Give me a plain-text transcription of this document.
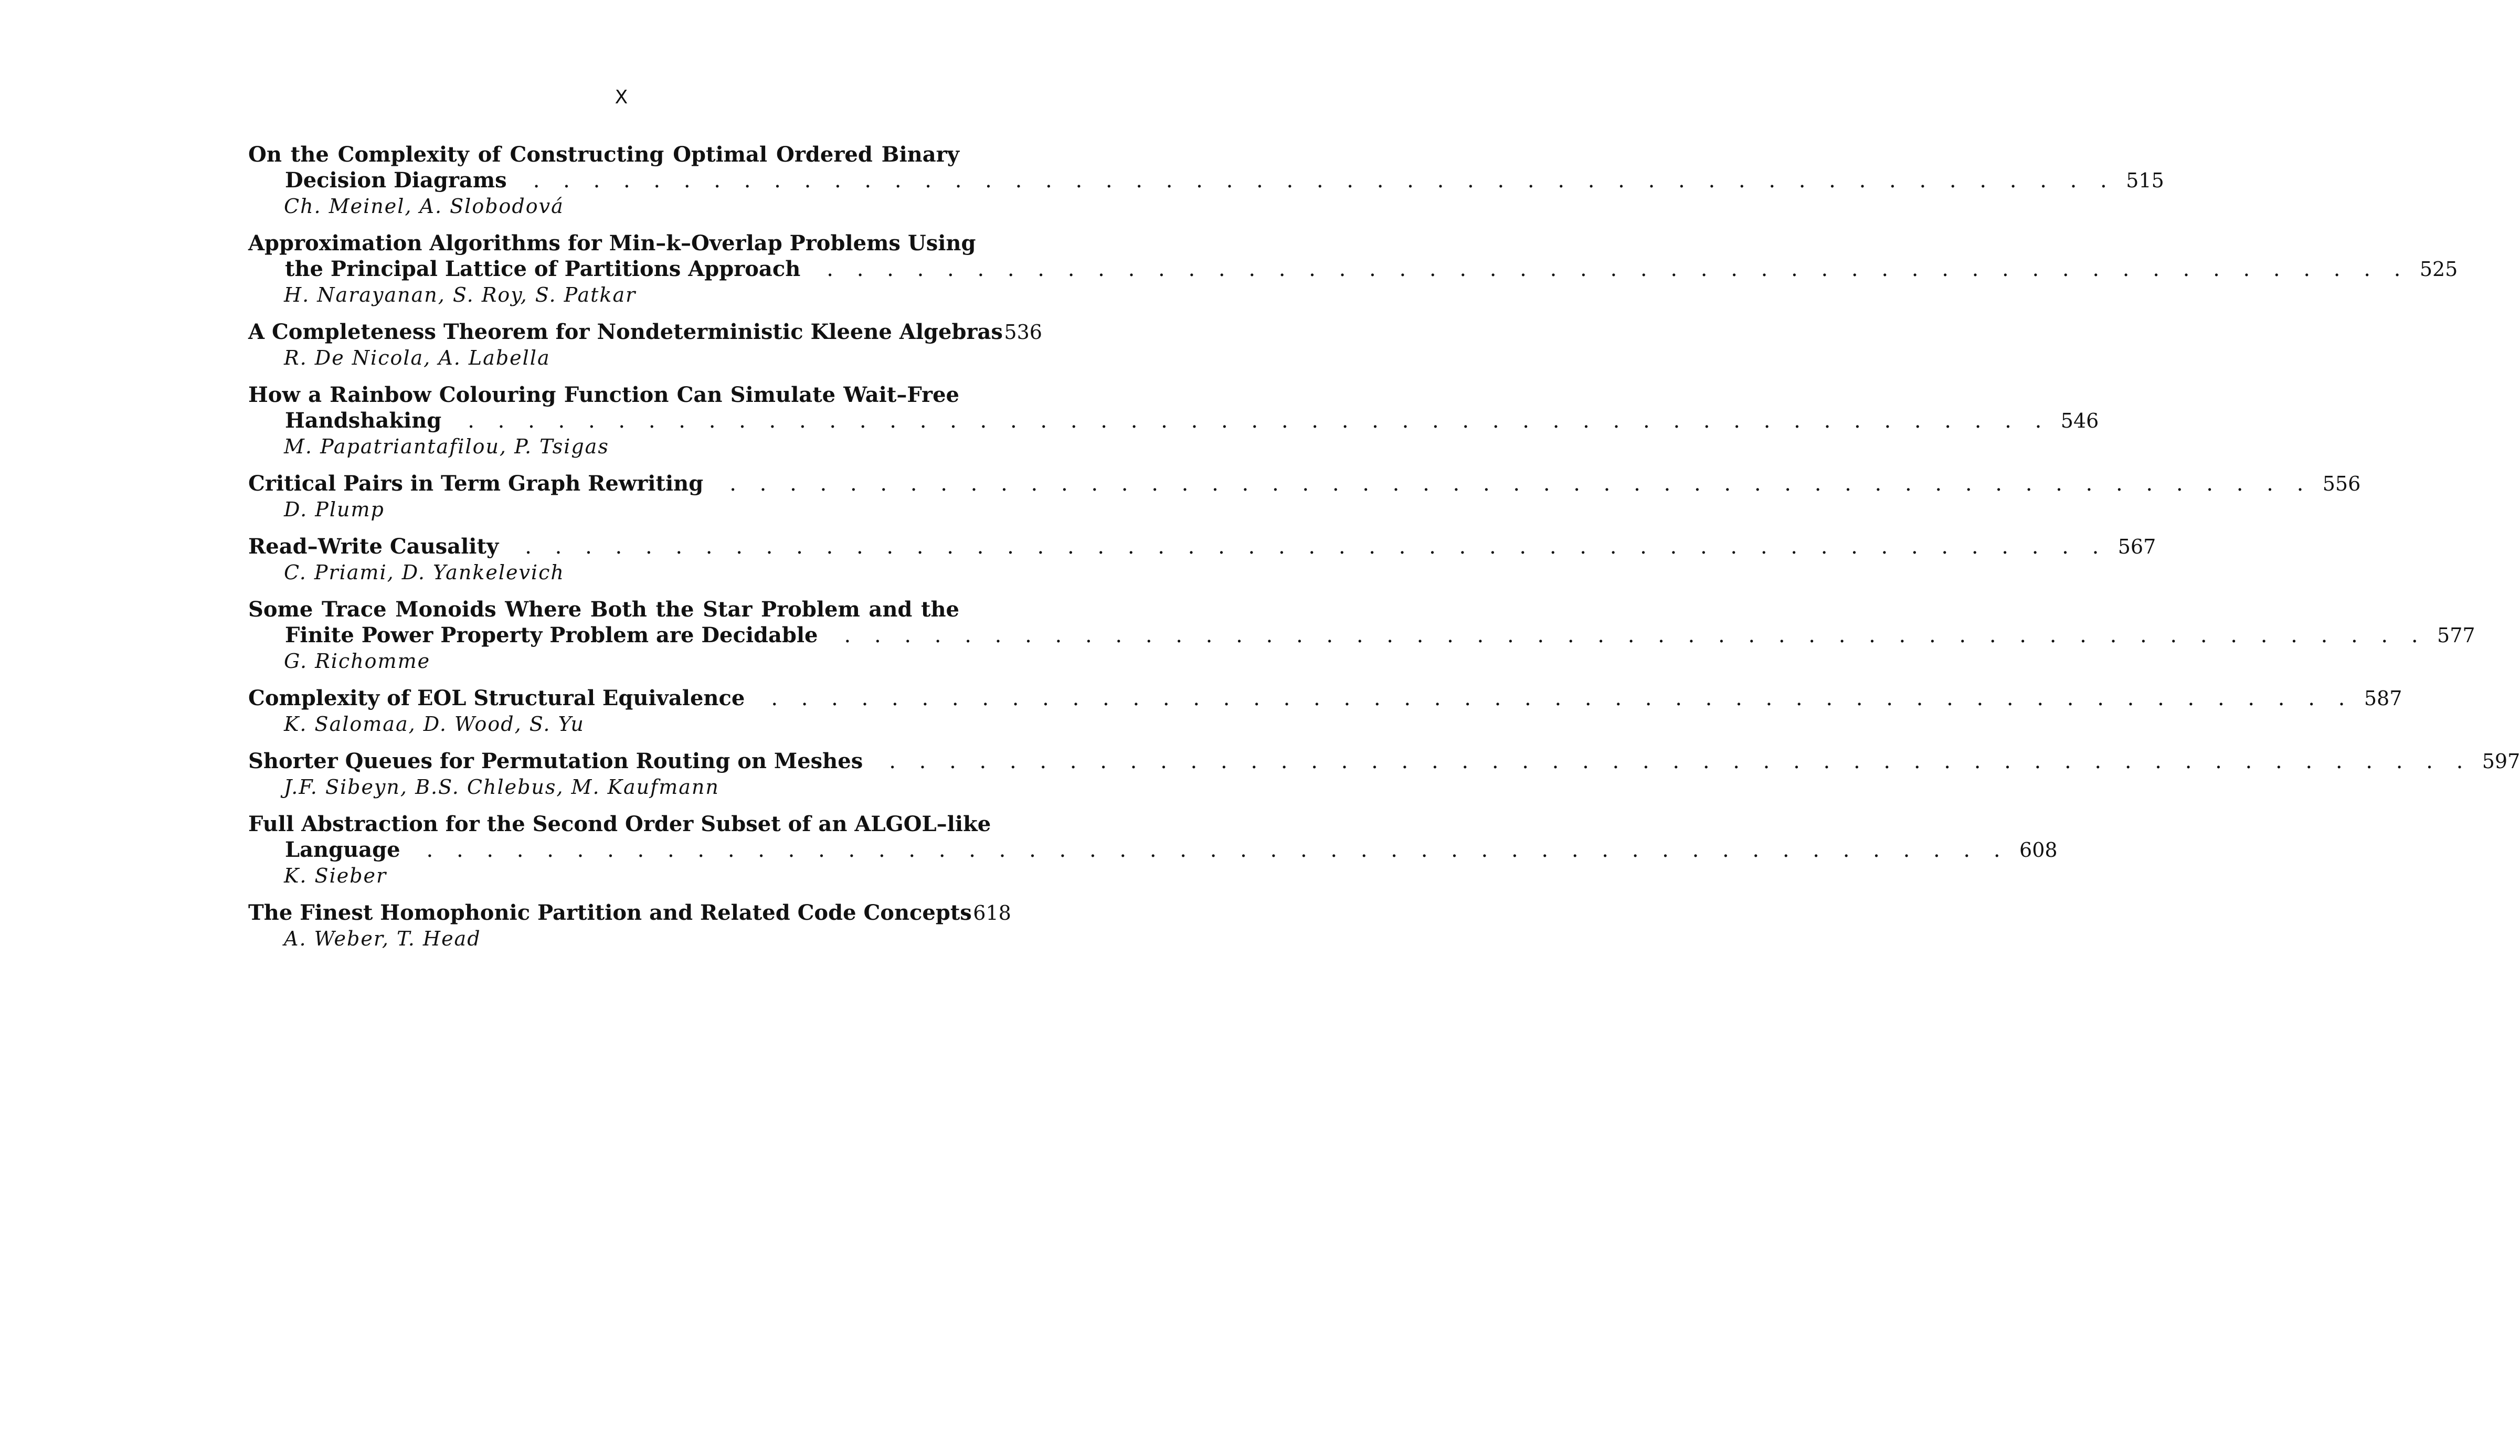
X
On the Complexity of Constructing Optimal Ordered Binary
Decision Diagrams . . . . . . . . . . . . . . . . . . . . . . . . . . . . . . . . . . . . . . . . . . . . . . . . . . . . . 515
Ch. Meinel, A. Slobodová
Approximation Algorithms for Min–k–Overlap Problems Using
the Principal Lattice of Partitions Approach . . . . . . . . . . . . . . . . . . . . . . . . . . . . . . . . . . . . . . . . . . . . . . . . . . . . . 525
H. Narayanan, S. Roy, S. Patkar
A Completeness Theorem for Nondeterministic Kleene Algebras 536
R. De Nicola, A. Labella
How a Rainbow Colouring Function Can Simulate Wait–Free
Handshaking . . . . . . . . . . . . . . . . . . . . . . . . . . . . . . . . . . . . . . . . . . . . . . . . . . . . . 546
M. Papatriantafilou, P. Tsigas
Critical Pairs in Term Graph Rewriting . . . . . . . . . . . . . . . . . . . . . . . . . . . . . . . . . . . . . . . . . . . . . . . . . . . . . 556
D. Plump
Read–Write Causality . . . . . . . . . . . . . . . . . . . . . . . . . . . . . . . . . . . . . . . . . . . . . . . . . . . . . 567
C. Priami, D. Yankelevich
Some Trace Monoids Where Both the Star Problem and the
Finite Power Property Problem are Decidable . . . . . . . . . . . . . . . . . . . . . . . . . . . . . . . . . . . . . . . . . . . . . . . . . . . . . 577
G. Richomme
Complexity of EOL Structural Equivalence . . . . . . . . . . . . . . . . . . . . . . . . . . . . . . . . . . . . . . . . . . . . . . . . . . . . . 587
K. Salomaa, D. Wood, S. Yu
Shorter Queues for Permutation Routing on Meshes . . . . . . . . . . . . . . . . . . . . . . . . . . . . . . . . . . . . . . . . . . . . . . . . . . . . . 597
J.F. Sibeyn, B.S. Chlebus, M. Kaufmann
Full Abstraction for the Second Order Subset of an ALGOL–like
Language . . . . . . . . . . . . . . . . . . . . . . . . . . . . . . . . . . . . . . . . . . . . . . . . . . . . . 608
K. Sieber
The Finest Homophonic Partition and Related Code Concepts 618
A. Weber, T. Head
